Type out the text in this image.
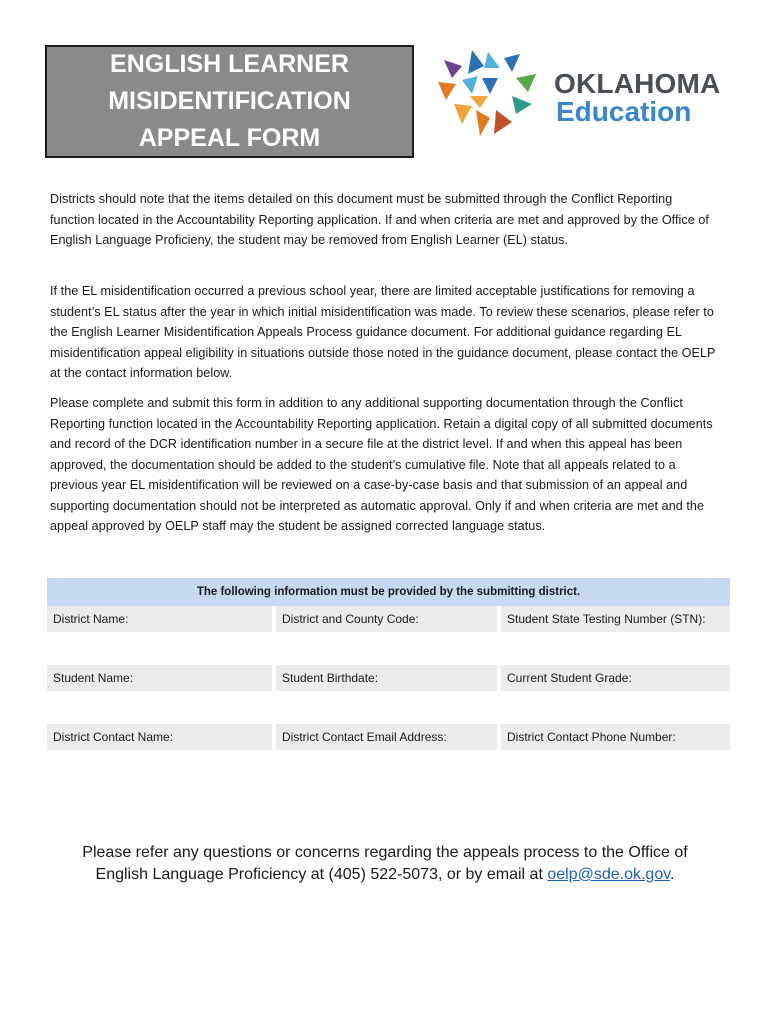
ENGLISH LEARNER
MISIDENTIFICATION
APPEAL FORM
OKLAHOMA
Education

Districts should note that the items detailed on this document must be submitted through the Conflict Reporting function located in the Accountability Reporting application. If and when criteria are met and approved by the Office of English Language Proficieny, the student may be removed from English Learner (EL) status.

If the EL misidentification occurred a previous school year, there are limited acceptable justifications for removing a student’s EL status after the year in which initial misidentification was made. To review these scenarios, please refer to the English Learner Misidentification Appeals Process guidance document. For additional guidance regarding EL misidentification appeal eligibility in situations outside those noted in the guidance document, please contact the OELP at the contact information below.

Please complete and submit this form in addition to any additional supporting documentation through the Conflict Reporting function located in the Accountability Reporting application. Retain a digital copy of all submitted documents and record of the DCR identification number in a secure file at the district level. If and when this appeal has been approved, the documentation should be added to the student’s cumulative file. Note that all appeals related to a previous year EL misidentification will be reviewed on a case-by-case basis and that submission of an appeal and supporting documentation should not be interpreted as automatic approval. Only if and when criteria are met and the appeal approved by OELP staff may the student be assigned corrected language status.

The following information must be provided by the submitting district.
District Name:	District and County Code:	Student State Testing Number (STN):
Student Name:	Student Birthdate:	Current Student Grade:
District Contact Name:	District Contact Email Address:	District Contact Phone Number:
Please refer any questions or concerns regarding the appeals process to the Office of
English Language Proficiency at (405) 522-5073, or by email at oelp@sde.ok.gov.
